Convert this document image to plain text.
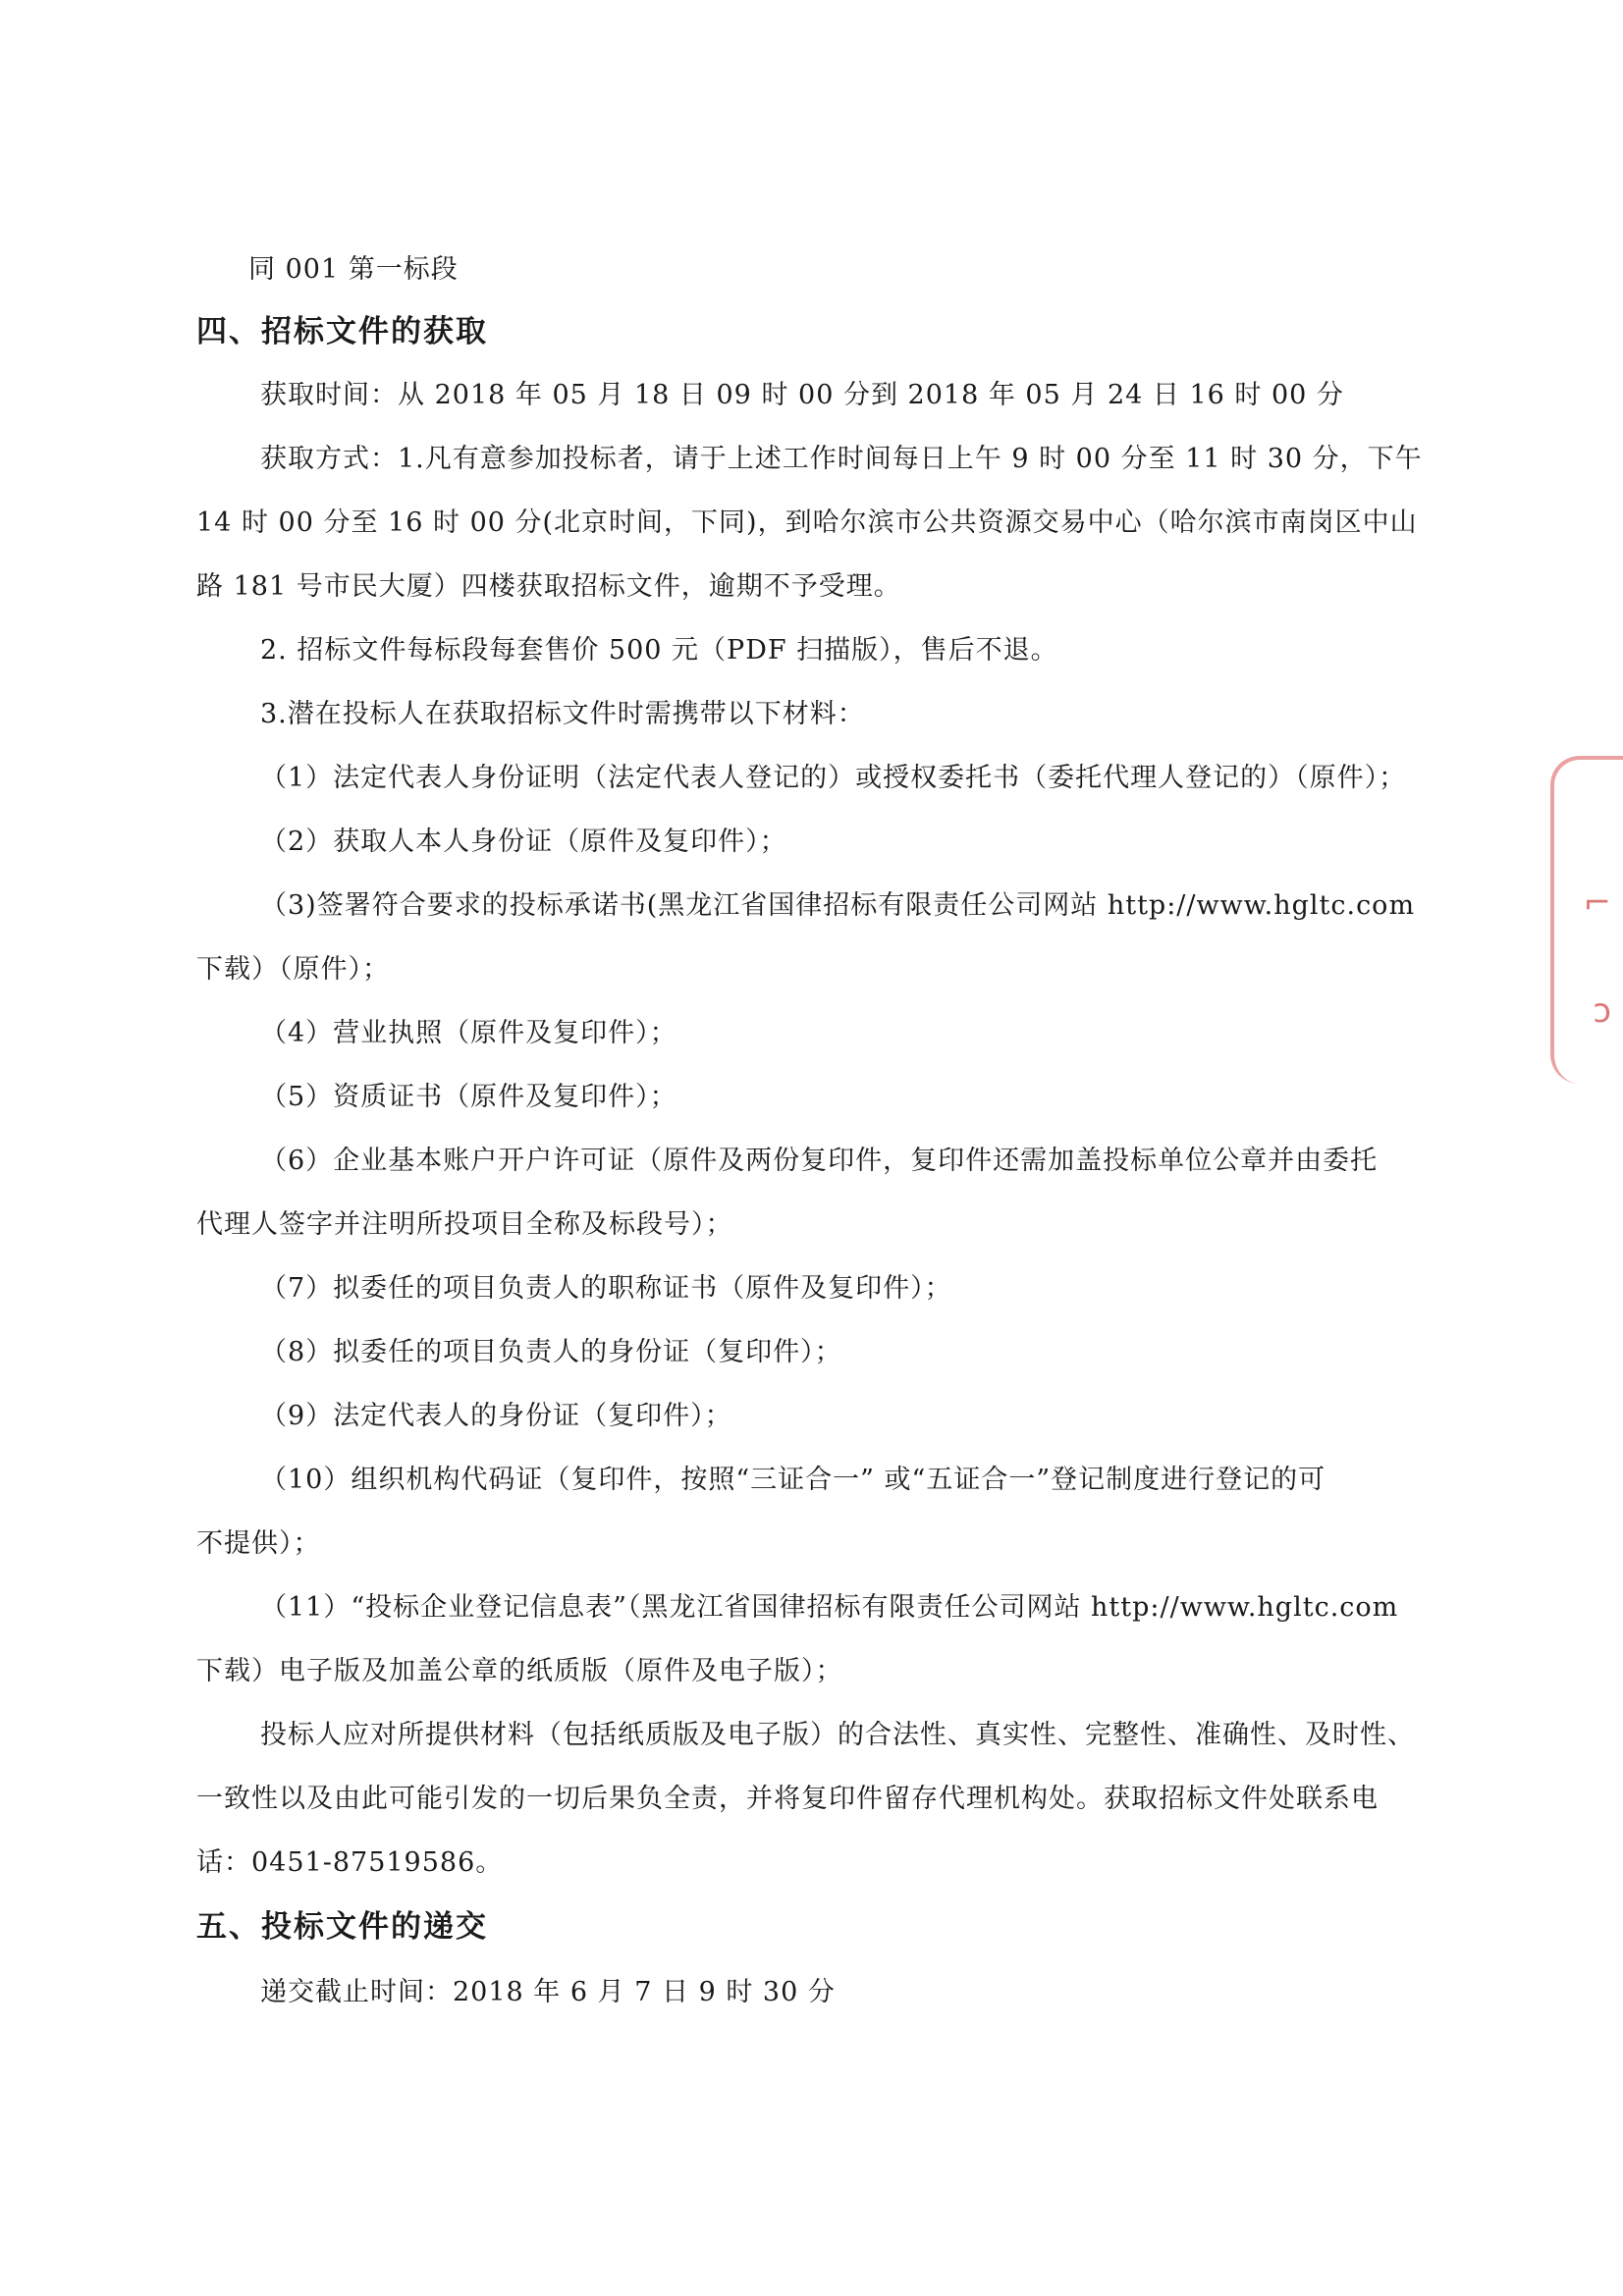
同 001 第一标段
四、招标文件的获取
获取时间：从 2018 年 05 月 18 日 09 时 00 分到 2018 年 05 月 24 日 16 时 00 分
获取方式：1.凡有意参加投标者，请于上述工作时间每日上午 9 时 00 分至 11 时 30 分，下午
14 时 00 分至 16 时 00 分(北京时间，下同)，到哈尔滨市公共资源交易中心（哈尔滨市南岗区中山
路 181 号市民大厦）四楼获取招标文件，逾期不予受理。
2. 招标文件每标段每套售价 500 元（PDF 扫描版），售后不退。
3.潜在投标人在获取招标文件时需携带以下材料：
（1）法定代表人身份证明（法定代表人登记的）或授权委托书（委托代理人登记的）（原件）；
（2）获取人本人身份证（原件及复印件）；
（3)签署符合要求的投标承诺书(黑龙江省国律招标有限责任公司网站 http://www.hgltc.com
下载）（原件）；
（4）营业执照（原件及复印件）；
（5）资质证书（原件及复印件）；
（6）企业基本账户开户许可证（原件及两份复印件，复印件还需加盖投标单位公章并由委托
代理人签字并注明所投项目全称及标段号）；
（7）拟委任的项目负责人的职称证书（原件及复印件）；
（8）拟委任的项目负责人的身份证（复印件）；
（9）法定代表人的身份证（复印件）；
（10）组织机构代码证（复印件，按照“三证合一” 或“五证合一”登记制度进行登记的可
不提供）；
（11）“投标企业登记信息表”（黑龙江省国律招标有限责任公司网站 http://www.hgltc.com
下载）电子版及加盖公章的纸质版（原件及电子版）；
投标人应对所提供材料（包括纸质版及电子版）的合法性、真实性、完整性、准确性、及时性、
一致性以及由此可能引发的一切后果负全责，并将复印件留存代理机构处。获取招标文件处联系电
话：0451-87519586。
五、投标文件的递交
递交截止时间：2018 年 6 月 7 日 9 时 30 分
⌐
ↄ
